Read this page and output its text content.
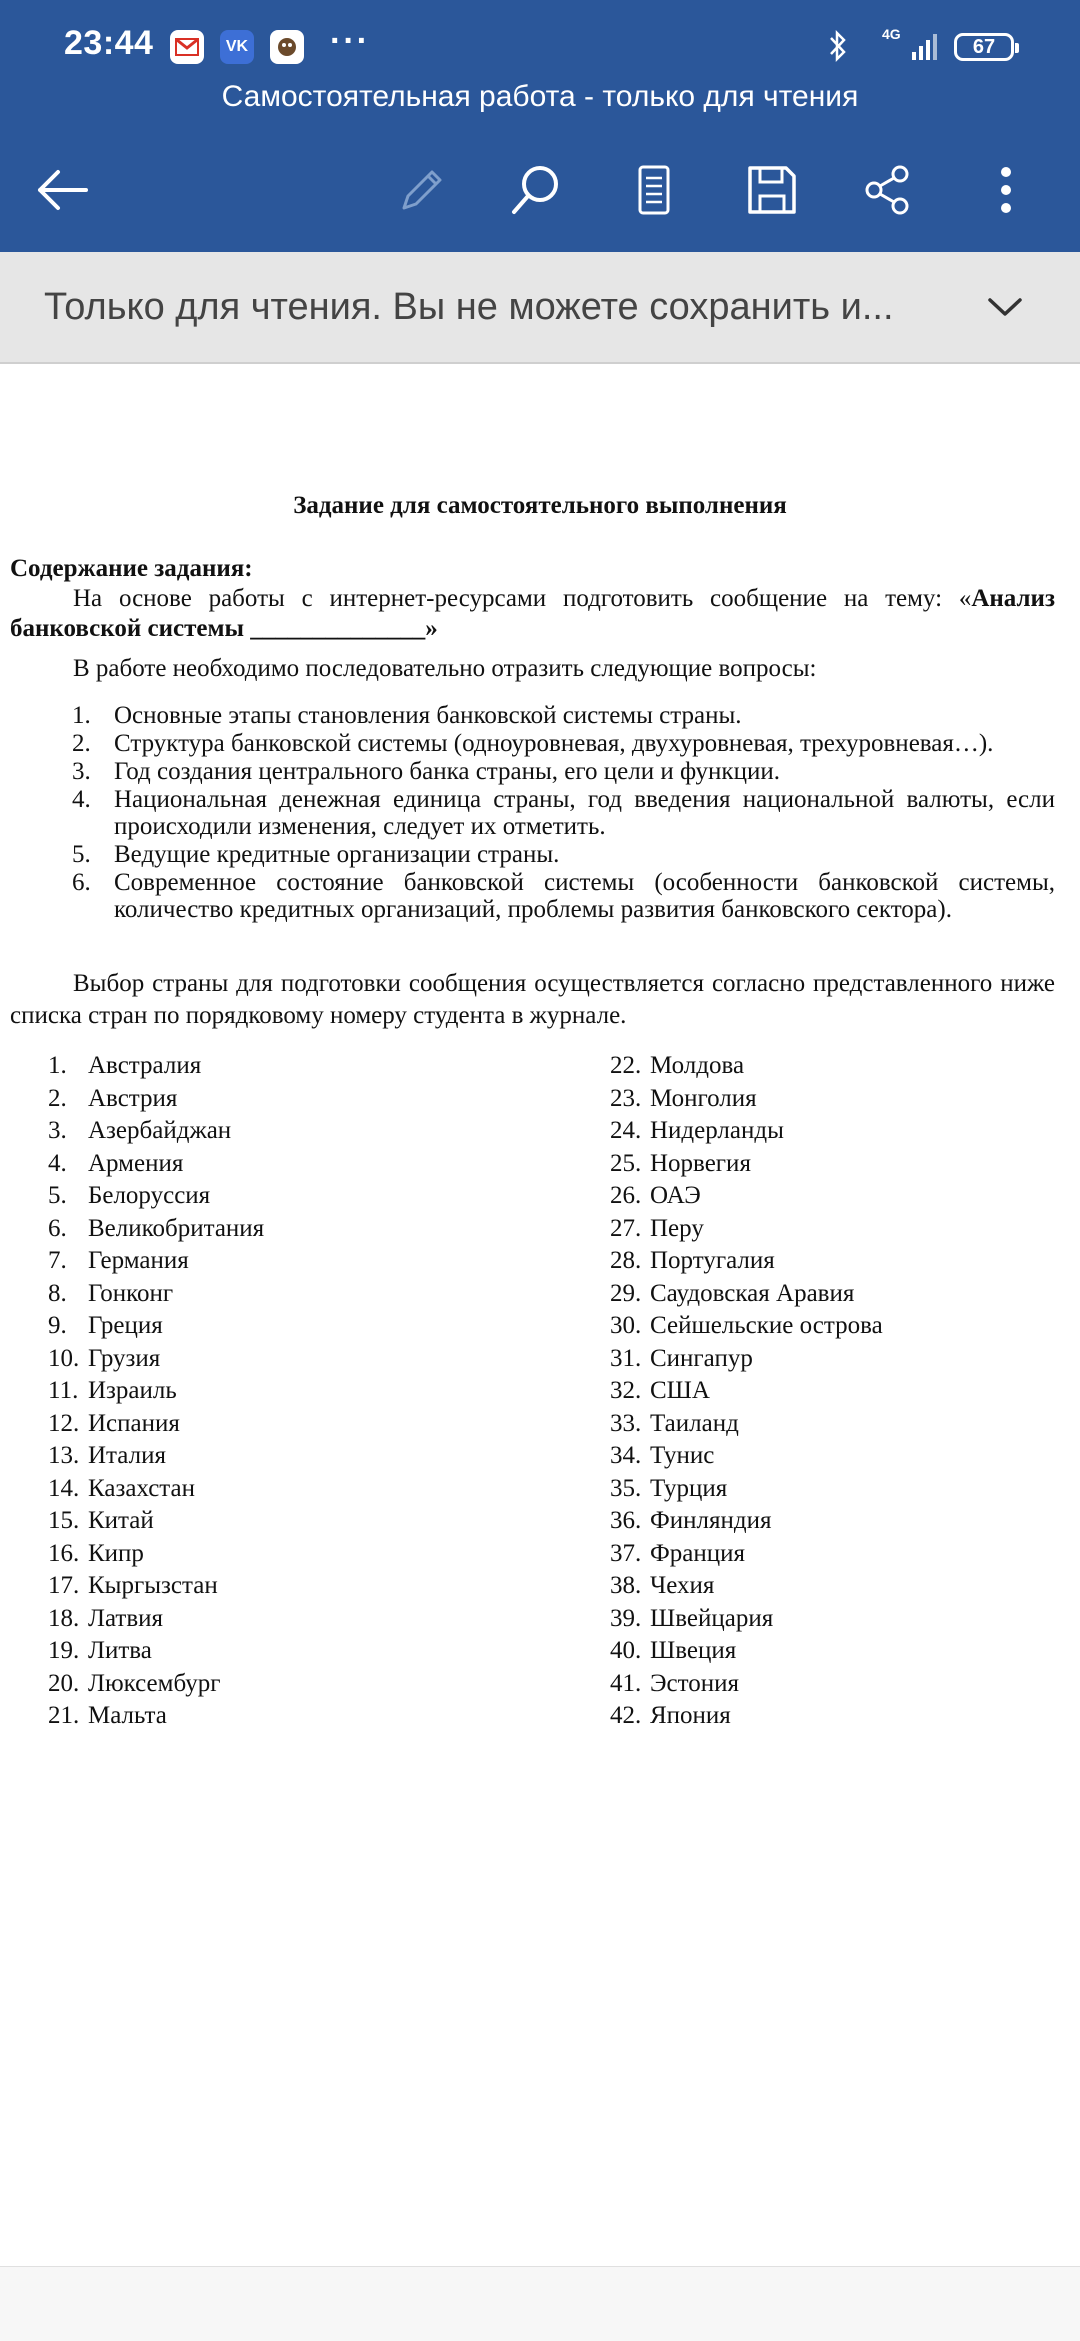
23:44	VK ···	4G
67
Самостоятельная работа - только для чтения
Только для чтения. Вы не можете сохранить и...
Задание для самостоятельного выполнения
Содержание задания:
На основе работы с интернет-ресурсами подготовить сообщение на тему: «Анализ банковской системы ______________»
В работе необходимо последовательно отразить следующие вопросы:
1. Основные этапы становления банковской системы страны.
2. Структура банковской системы (одноуровневая, двухуровневая, трехуровневая…).
3. Год создания центрального банка страны, его цели и функции.
4. Национальная денежная единица страны, год введения национальной валюты, если происходили изменения, следует их отметить.
5. Ведущие кредитные организации страны.
6. Современное состояние банковской системы (особенности банковской системы, количество кредитных организаций, проблемы развития банковского сектора).
Выбор страны для подготовки сообщения осуществляется согласно представленного ниже списка стран по порядковому номеру студента в журнале.
1. Австралия
2. Австрия
3. Азербайджан
4. Армения
5. Белоруссия
6. Великобритания
7. Германия
8. Гонконг
9. Греция
10. Грузия
11. Израиль
12. Испания
13. Италия
14. Казахстан
15. Китай
16. Кипр
17. Кыргызстан
18. Латвия
19. Литва
20. Люксембург
21. Мальта
22. Молдова
23. Монголия
24. Нидерланды
25. Норвегия
26. ОАЭ
27. Перу
28. Португалия
29. Саудовская Аравия
30. Сейшельские острова
31. Сингапур
32. США
33. Таиланд
34. Тунис
35. Турция
36. Финляндия
37. Франция
38. Чехия
39. Швейцария
40. Швеция
41. Эстония
42. Япония
